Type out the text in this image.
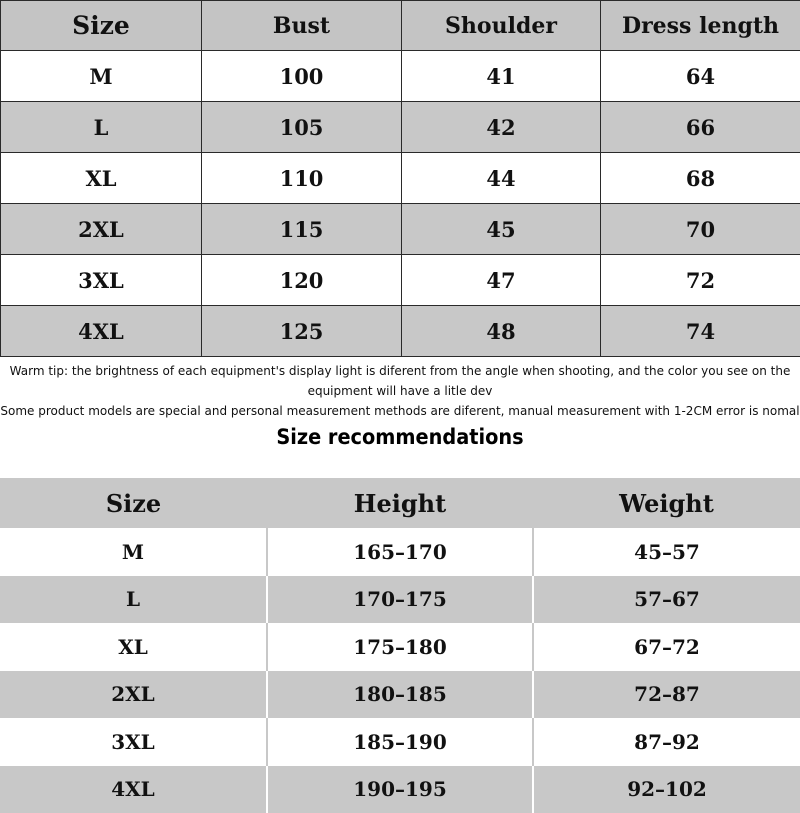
Size	Bust	Shoulder	Dress length
M	100	41	64
L	105	42	66
XL	110	44	68
2XL	115	45	70
3XL	120	47	72
4XL	125	48	74
Warm tip: the brightness of each equipment's display light is diferent from the angle when shooting, and the color you see on the
equipment will have a litle dev
Some product models are special and personal measurement methods are diferent, manual measurement with 1-2CM error is nomal
Size recommendations
Size	Height	Weight
M	165–170	45–57
L	170–175	57–67
XL	175–180	67–72
2XL	180–185	72–87
3XL	185–190	87–92
4XL	190–195	92–102
